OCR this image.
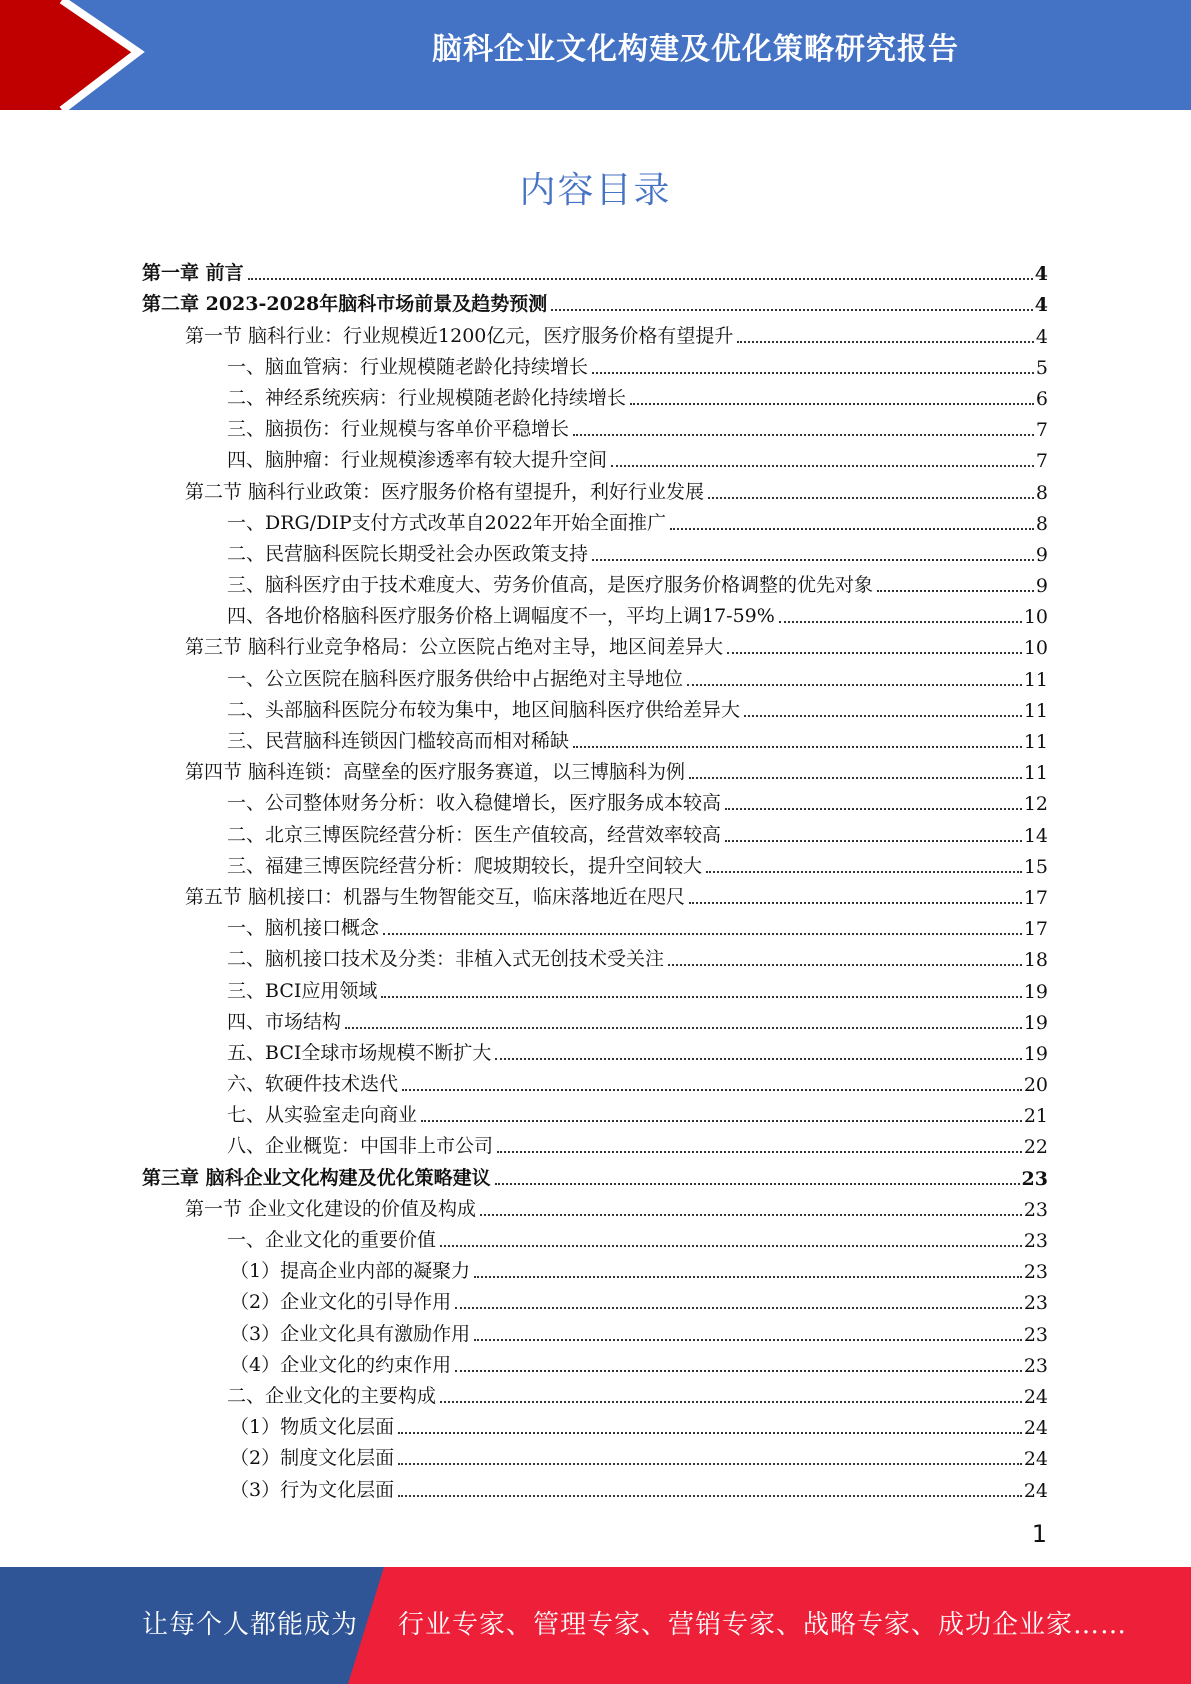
脑科企业文化构建及优化策略研究报告
内容目录
第一章 前言	4
第二章 2023-2028年脑科市场前景及趋势预测	4
第一节 脑科行业：行业规模近1200亿元，医疗服务价格有望提升	4
一、脑血管病：行业规模随老龄化持续增长	5
二、神经系统疾病：行业规模随老龄化持续增长	6
三、脑损伤：行业规模与客单价平稳增长	7
四、脑肿瘤：行业规模渗透率有较大提升空间	7
第二节 脑科行业政策：医疗服务价格有望提升，利好行业发展	8
一、DRG/DIP支付方式改革自2022年开始全面推广	8
二、民营脑科医院长期受社会办医政策支持	9
三、脑科医疗由于技术难度大、劳务价值高，是医疗服务价格调整的优先对象	9
四、各地价格脑科医疗服务价格上调幅度不一，平均上调17-59%	10
第三节 脑科行业竞争格局：公立医院占绝对主导，地区间差异大	10
一、公立医院在脑科医疗服务供给中占据绝对主导地位	11
二、头部脑科医院分布较为集中，地区间脑科医疗供给差异大	11
三、民营脑科连锁因门槛较高而相对稀缺	11
第四节 脑科连锁：高壁垒的医疗服务赛道，以三博脑科为例	11
一、公司整体财务分析：收入稳健增长，医疗服务成本较高	12
二、北京三博医院经营分析：医生产值较高，经营效率较高	14
三、福建三博医院经营分析：爬坡期较长，提升空间较大	15
第五节 脑机接口：机器与生物智能交互，临床落地近在咫尺	17
一、脑机接口概念	17
二、脑机接口技术及分类：非植入式无创技术受关注	18
三、BCI应用领域	19
四、市场结构	19
五、BCI全球市场规模不断扩大	19
六、软硬件技术迭代	20
七、从实验室走向商业	21
八、企业概览：中国非上市公司	22
第三章 脑科企业文化构建及优化策略建议	23
第一节 企业文化建设的价值及构成	23
一、企业文化的重要价值	23
（1）提高企业内部的凝聚力	23
（2）企业文化的引导作用	23
（3）企业文化具有激励作用	23
（4）企业文化的约束作用	23
二、企业文化的主要构成	24
（1）物质文化层面	24
（2）制度文化层面	24
（3）行为文化层面	24
1
让每个人都能成为 行业专家、管理专家、营销专家、战略专家、成功企业家……
